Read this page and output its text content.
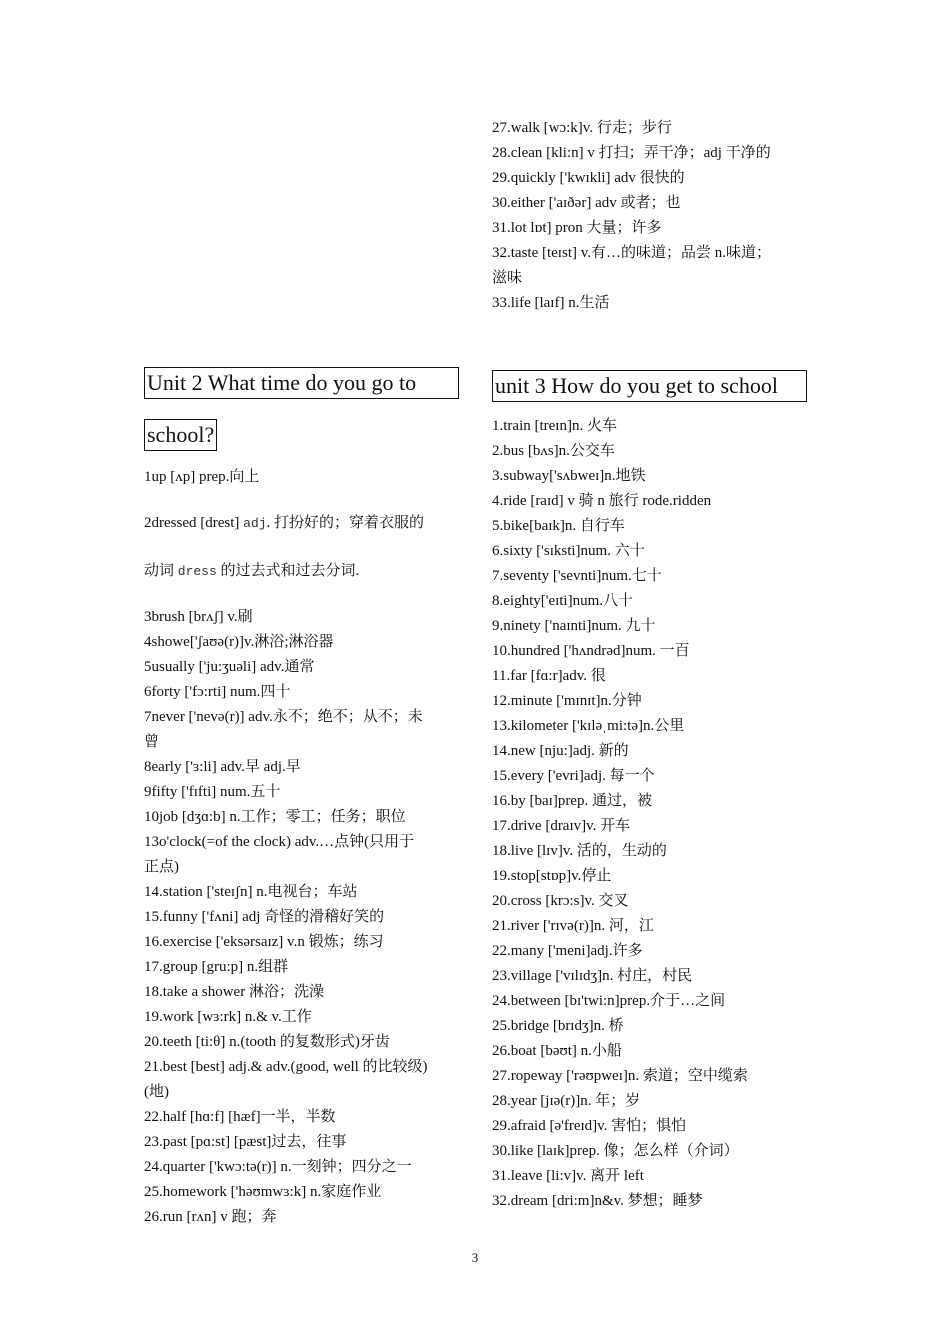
27.walk [wɔ:k]v. 行走；步行
28.clean [kli:n] v 打扫；弄干净；adj 干净的
29.quickly ['kwɪkli] adv 很快的
30.either ['aɪðər] adv 或者；也
31.lot lɒt] pron 大量；许多
32.taste [teɪst] v.有…的味道；品尝 n.味道；
滋味
33.life [laɪf] n.生活
Unit 2 What time do you go to
school?
1up [ʌp] prep.向上
2dressed [drest] adj. 打扮好的；穿着衣服的
动词 dress 的过去式和过去分词.
3brush [brʌʃ] v.刷
4showe['ʃaʊə(r)]v.淋浴;淋浴器
5usually ['ju:ʒuəli] adv.通常
6forty ['fɔ:rti] num.四十
7never ['nevə(r)] adv.永不；绝不；从不；未
曾
8early ['ɜ:li] adv.早 adj.早
9fifty ['fɪfti] num.五十
10job [dʒɑ:b] n.工作；零工；任务；职位
13o'clock(=of the clock) adv.…点钟(只用于
正点)
14.station ['steɪʃn] n.电视台；车站
15.funny ['fʌni] adj 奇怪的滑稽好笑的
16.exercise ['eksərsaɪz] v.n 锻炼；练习
17.group [gru:p] n.组群
18.take a shower 淋浴；洗澡
19.work [wɜ:rk] n.& v.工作
20.teeth [ti:θ] n.(tooth 的复数形式)牙齿
21.best [best] adj.& adv.(good, well 的比较级)
(地)
22.half [hɑ:f] [hæf]一半，半数
23.past [pɑ:st] [pæst]过去，往事
24.quarter ['kwɔ:tə(r)] n.一刻钟；四分之一
25.homework ['həʊmwɜ:k] n.家庭作业
26.run [rʌn] v 跑；奔
unit 3 How do you get to school
1.train [treɪn]n. 火车
2.bus [bʌs]n.公交车
3.subway['sʌbweɪ]n.地铁
4.ride [raɪd] v 骑 n 旅行 rode.ridden
5.bike[baɪk]n. 自行车
6.sixty ['sɪksti]num. 六十
7.seventy ['sevnti]num.七十
8.eighty['eɪti]num.八十
9.ninety ['naɪnti]num. 九十
10.hundred ['hʌndrəd]num. 一百
11.far [fɑ:r]adv. 很
12.minute ['mɪnɪt]n.分钟
13.kilometer ['kɪləˌmi:tə]n.公里
14.new [nju:]adj. 新的
15.every ['evri]adj. 每一个
16.by [baɪ]prep. 通过，被
17.drive [draɪv]v. 开车
18.live [lɪv]v. 活的，生动的
19.stop[stɒp]v.停止
20.cross [krɔ:s]v. 交叉
21.river ['rɪvə(r)]n. 河，江
22.many ['meni]adj.许多
23.village ['vɪlɪdʒ]n. 村庄，村民
24.between [bɪ'twi:n]prep.介于…之间
25.bridge [brɪdʒ]n. 桥
26.boat [bəʊt] n.小船
27.ropeway ['rəʊpweɪ]n. 索道；空中缆索
28.year [jɪə(r)]n. 年；岁
29.afraid [ə'freɪd]v. 害怕；惧怕
30.like [laɪk]prep. 像；怎么样（介词）
31.leave [li:v]v. 离开 left
32.dream [dri:m]n&v. 梦想；睡梦
3
